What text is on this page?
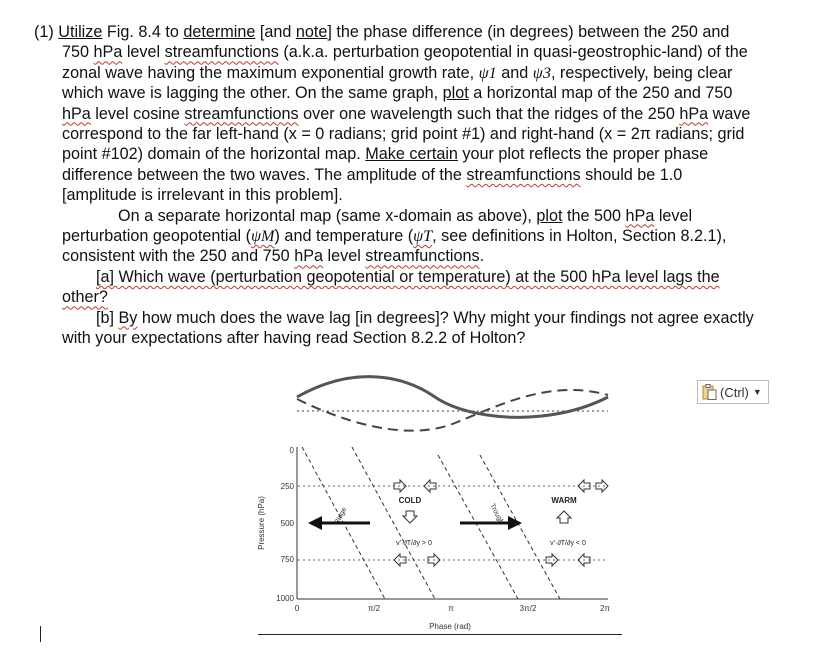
(1) Utilize Fig. 8.4 to determine [and note] the phase difference (in degrees) between the 250 and 750 hPa level streamfunctions (a.k.a. perturbation geopotential in quasi-geostrophic-land) of the zonal wave having the maximum exponential growth rate, ψ1 and ψ3, respectively, being clear which wave is lagging the other. On the same graph, plot a horizontal map of the 250 and 750 hPa level cosine streamfunctions over one wavelength such that the ridges of the 250 hPa wave correspond to the far left-hand (x = 0 radians; grid point #1) and right-hand (x = 2π radians; grid point #102) domain of the horizontal map. Make certain your plot reflects the proper phase difference between the two waves. The amplitude of the streamfunctions should be 1.0 [amplitude is irrelevant in this problem].

On a separate horizontal map (same x-domain as above), plot the 500 hPa level perturbation geopotential (ψM) and temperature (ψT, see definitions in Holton, Section 8.2.1), consistent with the 250 and 750 hPa level streamfunctions.

[a] Which wave (perturbation geopotential or temperature) at the 500 hPa level lags the other?

[b] By how much does the wave lag [in degrees]? Why might your findings not agree exactly with your expectations after having read Section 8.2.2 of Holton?

0
250
500
750
1000
Pressure (hPa)
0	π/2	π	3π/2	2π
Phase (rad)
Ridge	Trough
COLD	WARM
v'·∂T/∂y > 0	v'·∂T/∂y < 0
(Ctrl) ▼
